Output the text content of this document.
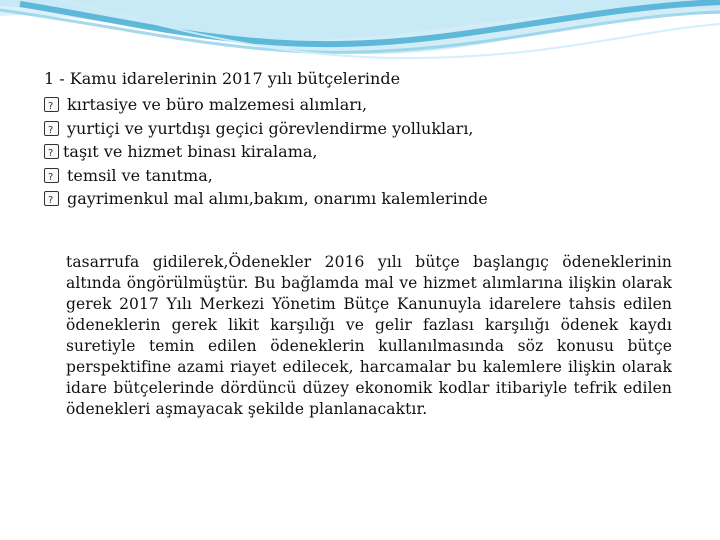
1 - Kamu idarelerinin 2017 yılı bütçelerinde
?
kırtasiye ve büro malzemesi alımları,
?
yurtiçi ve yurtdışı geçici görevlendirme yollukları,
?
taşıt ve hizmet binası kiralama,
?
temsil ve tanıtma,
?
gayrimenkul mal alımı,bakım, onarımı kalemlerinde

tasarrufa gidilerek,Ödenekler 2016 yılı bütçe başlangıç ödeneklerinin altında öngörülmüştür. Bu bağlamda mal ve hizmet alımlarına ilişkin olarak gerek 2017 Yılı Merkezi Yönetim Bütçe Kanunuyla idarelere tahsis edilen ödeneklerin gerek likit karşılığı ve gelir fazlası karşılığı ödenek kaydı suretiyle temin edilen ödeneklerin kullanılmasında söz konusu bütçe perspektifine azami riayet edilecek, harcamalar bu kalemlere ilişkin olarak idare bütçelerinde dördüncü düzey ekonomik kodlar itibariyle tefrik edilen ödenekleri aşmayacak şekilde planlanacaktır.
